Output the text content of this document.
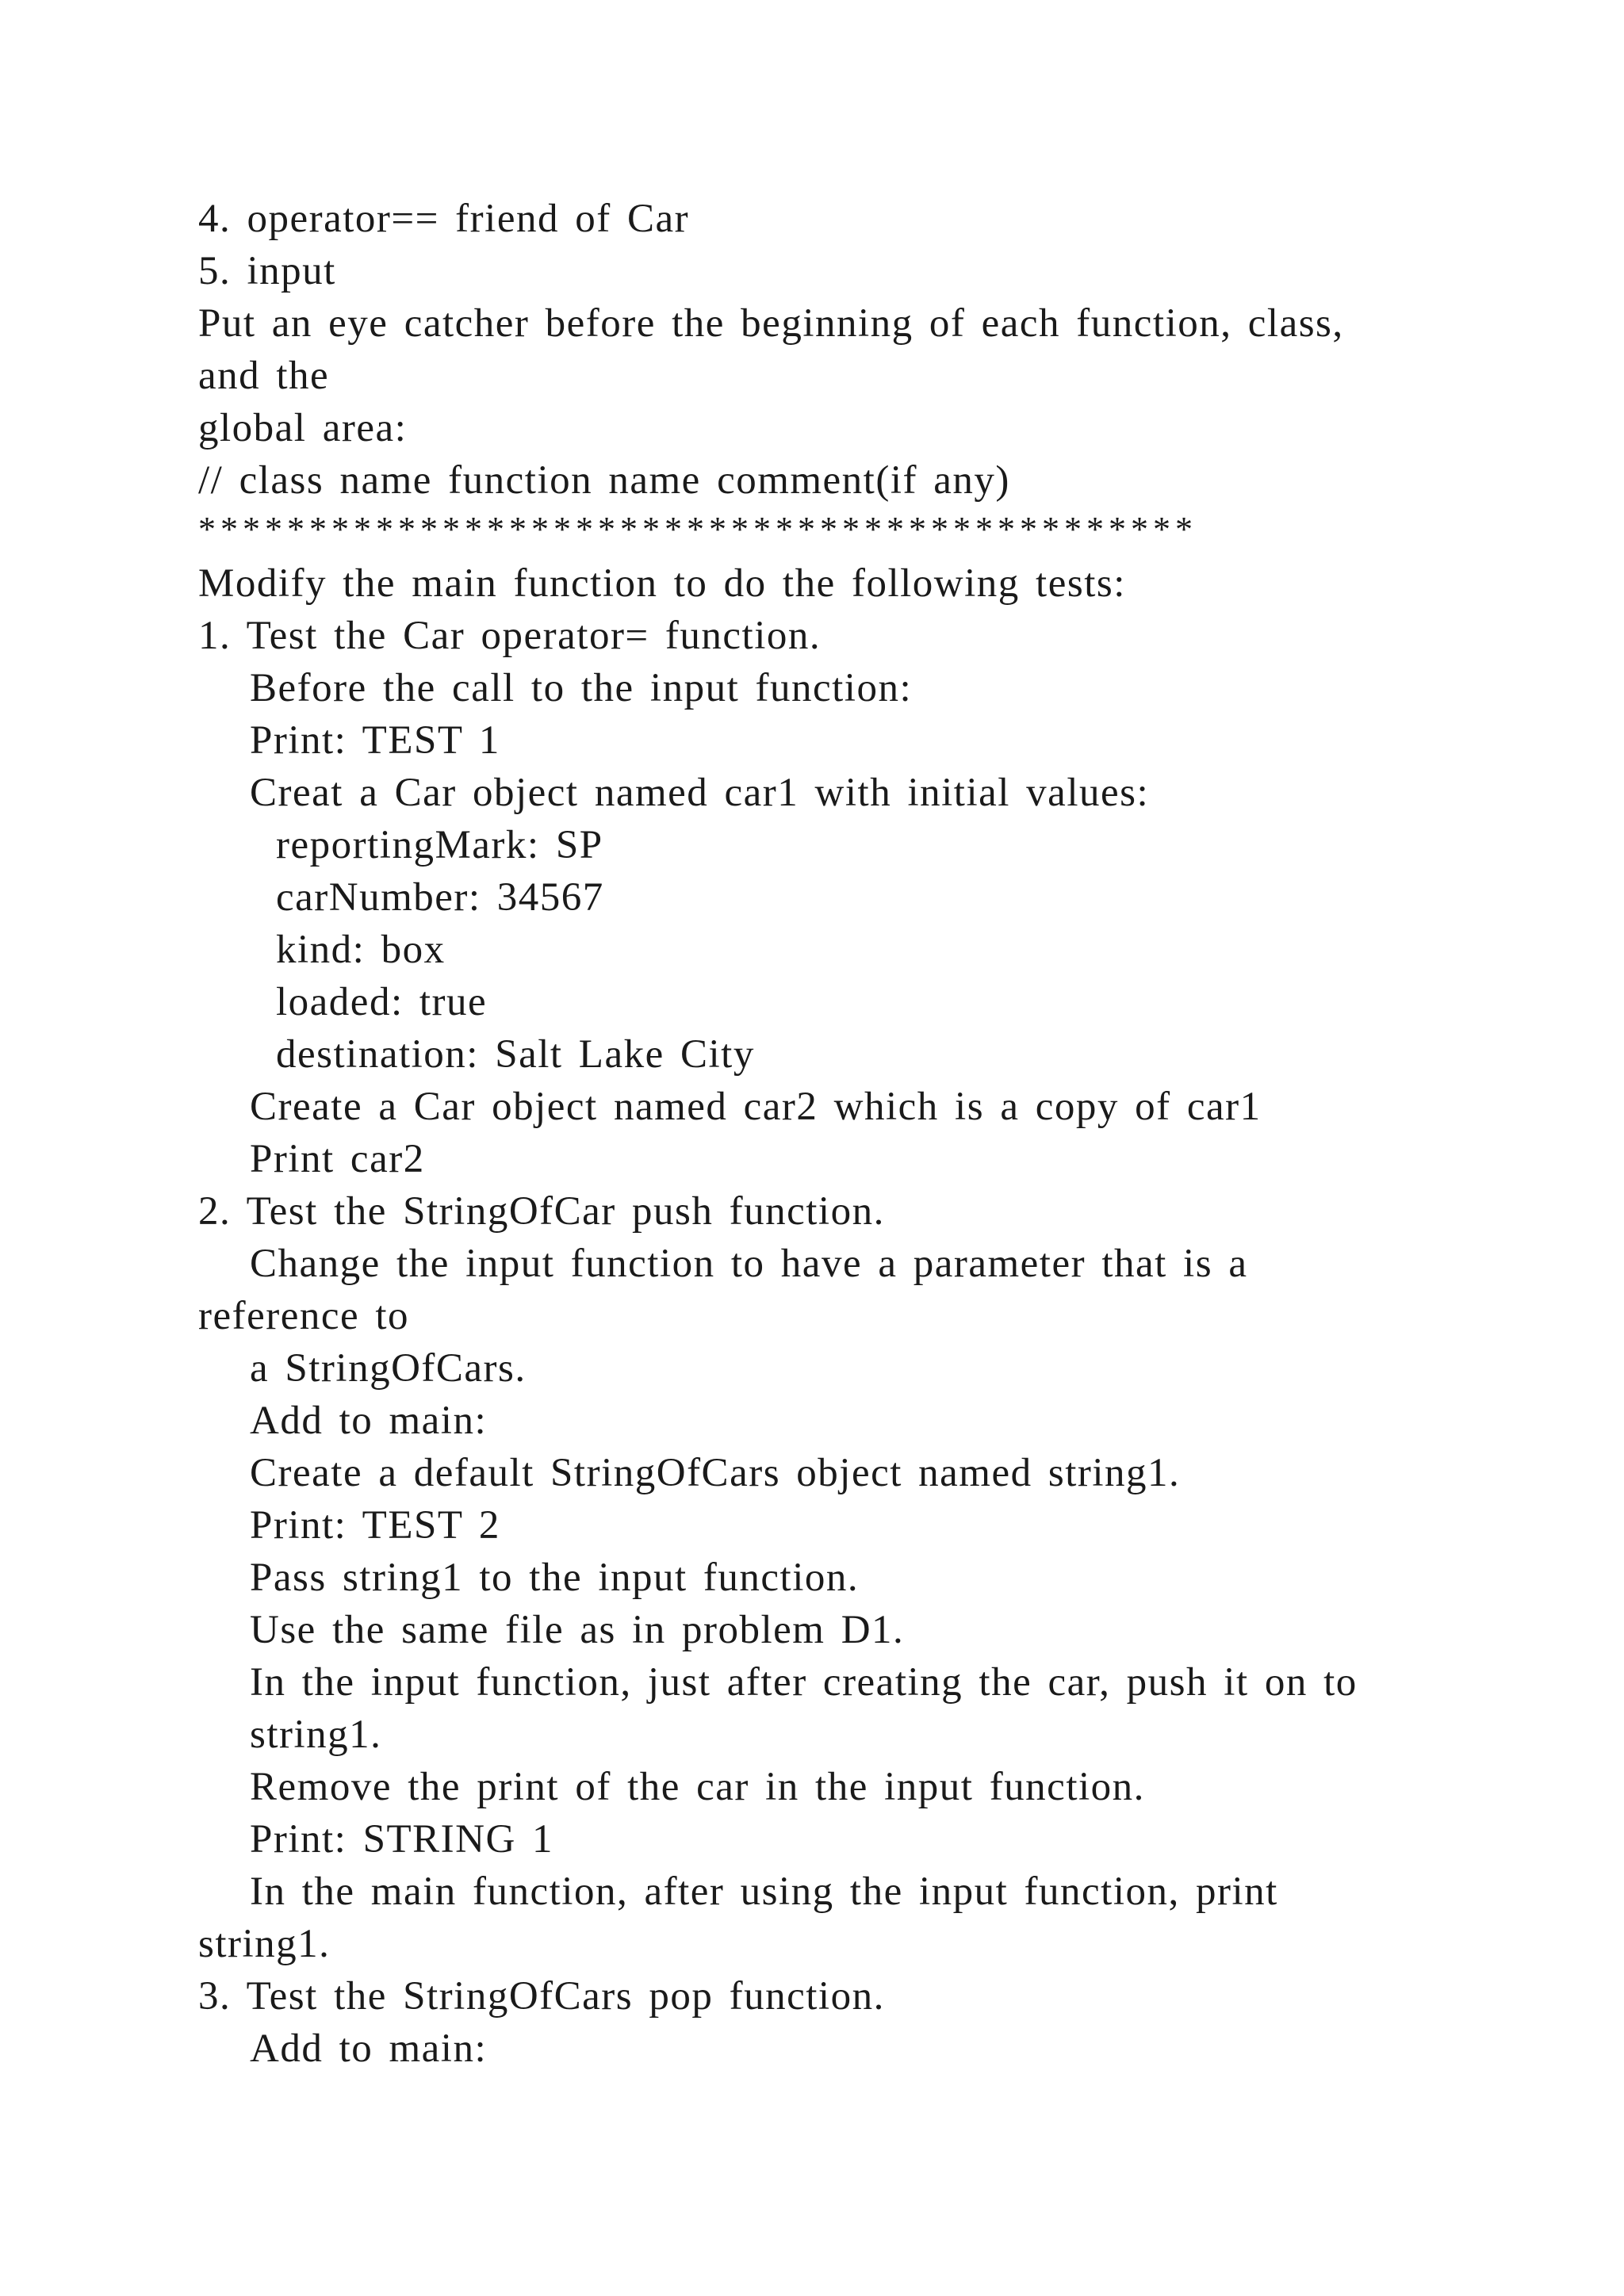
4. operator== friend of Car
5. input
Put an eye catcher before the beginning of each function, class,
and the
global area:
// class name function name comment(if any)
*********************************************
Modify the main function to do the following tests:
1. Test the Car operator= function.
Before the call to the input function:
Print: TEST 1
Creat a Car object named car1 with initial values:
reportingMark: SP
carNumber: 34567
kind: box
loaded: true
destination: Salt Lake City
Create a Car object named car2 which is a copy of car1
Print car2
2. Test the StringOfCar push function.
Change the input function to have a parameter that is a
reference to
a StringOfCars.
Add to main:
Create a default StringOfCars object named string1.
Print: TEST 2
Pass string1 to the input function.
Use the same file as in problem D1.
In the input function, just after creating the car, push it on to
string1.
Remove the print of the car in the input function.
Print: STRING 1
In the main function, after using the input function, print
string1.
3. Test the StringOfCars pop function.
Add to main:
